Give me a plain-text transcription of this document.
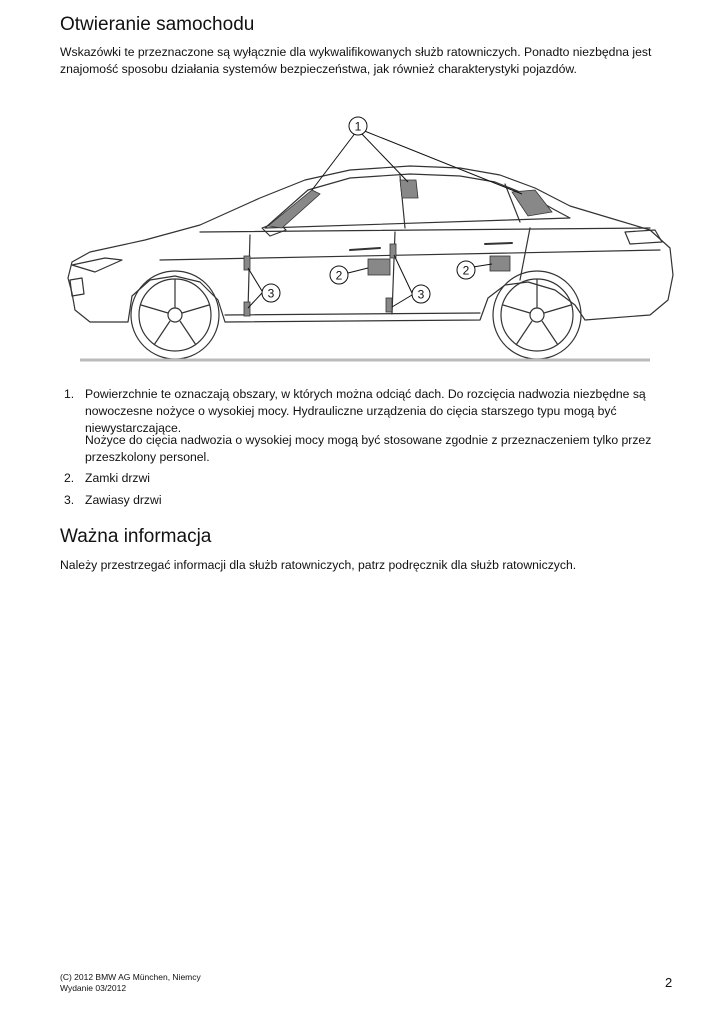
Otwieranie samochodu
Wskazówki te przeznaczone są wyłącznie dla wykwalifikowanych służb ratowniczych. Ponadto niezbędna jest znajomość sposobu działania systemów bezpieczeństwa, jak również charakterystyki pojazdów.
1
2	2
3	3
1. Powierzchnie te oznaczają obszary, w których można odciąć dach. Do rozcięcia nadwozia niezbędne są nowoczesne nożyce o wysokiej mocy. Hydrauliczne urządzenia do cięcia starszego typu mogą być niewystarczające.
Nożyce do cięcia nadwozia o wysokiej mocy mogą być stosowane zgodnie z przeznaczeniem tylko przez przeszkolony personel.
2. Zamki drzwi
3. Zawiasy drzwi
Ważna informacja
Należy przestrzegać informacji dla służb ratowniczych, patrz podręcznik dla służb ratowniczych.
(C) 2012 BMW AG München, Niemcy
Wydanie 03/2012	2
